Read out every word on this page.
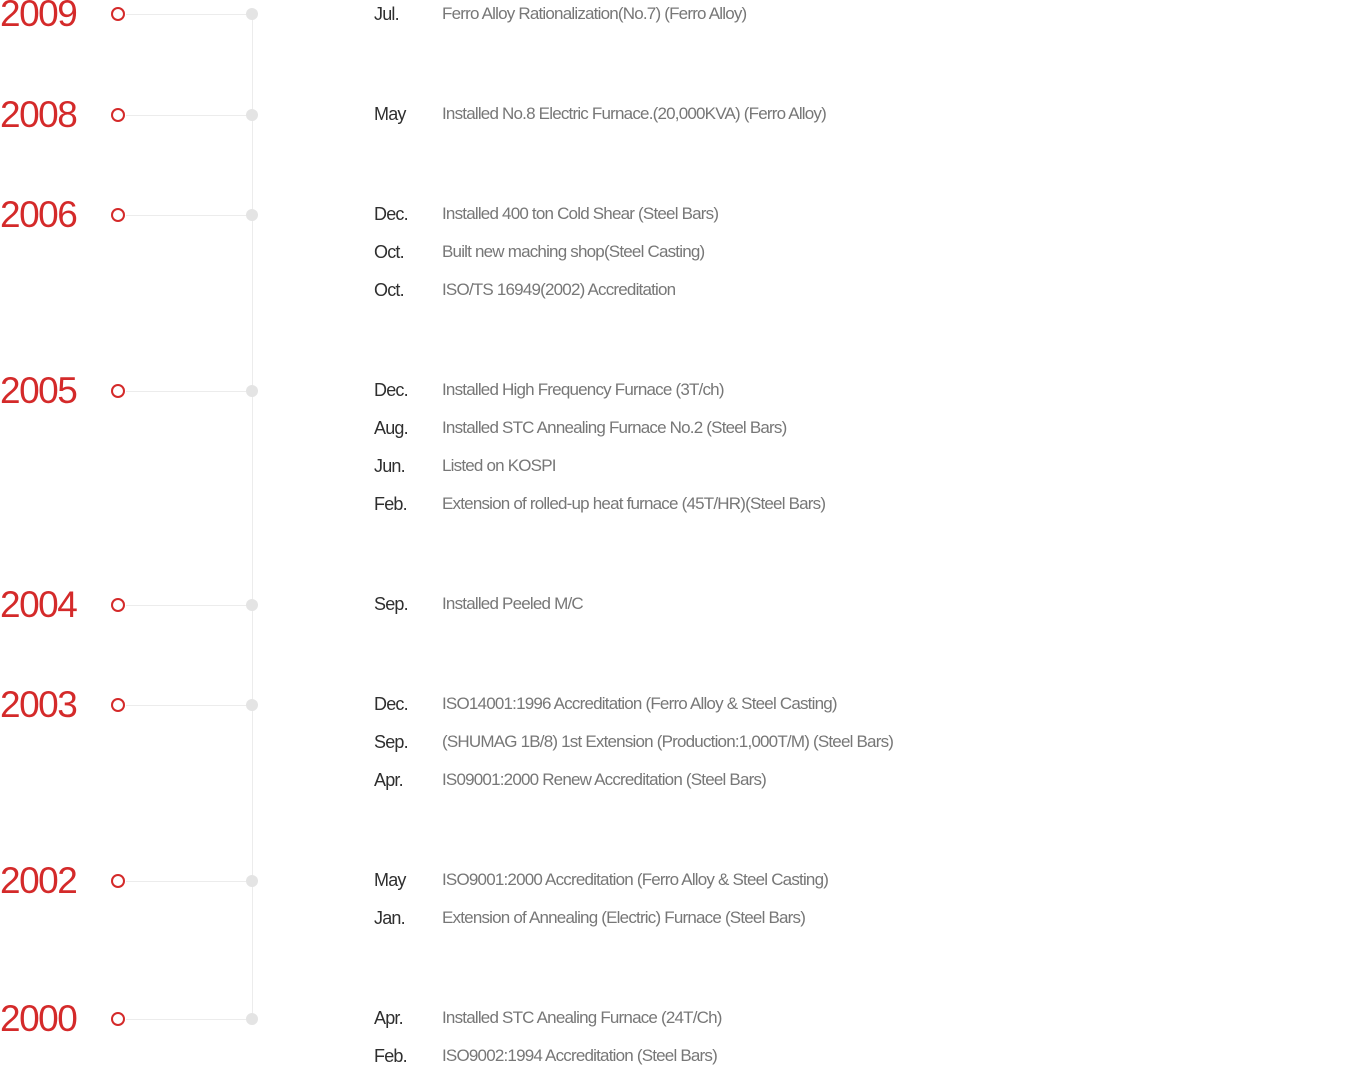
2009	Jul.	Ferro Alloy Rationalization(No.7) (Ferro Alloy)
2008	May Installed No.8 Electric Furnace.(20,000KVA) (Ferro Alloy)
2006	Dec. Installed 400 ton Cold Shear (Steel Bars)
Oct. Built new maching shop(Steel Casting)
Oct. ISO/TS 16949(2002) Accreditation
2005	Dec. Installed High Frequency Furnace (3T/ch)
Aug. Installed STC Annealing Furnace No.2 (Steel Bars)
Jun. Listed on KOSPI
Feb. Extension of rolled-up heat furnace (45T/HR)(Steel Bars)
2004	Sep. Installed Peeled M/C
2003	Dec. ISO14001:1996 Accreditation (Ferro Alloy & Steel Casting)
Sep. (SHUMAG 1B/8) 1st Extension (Production:1,000T/M) (Steel Bars)
Apr. IS09001:2000 Renew Accreditation (Steel Bars)
2002	May ISO9001:2000 Accreditation (Ferro Alloy & Steel Casting)
Jan. Extension of Annealing (Electric) Furnace (Steel Bars)
2000	Apr. Installed STC Anealing Furnace (24T/Ch)
Feb. ISO9002:1994 Accreditation (Steel Bars)
